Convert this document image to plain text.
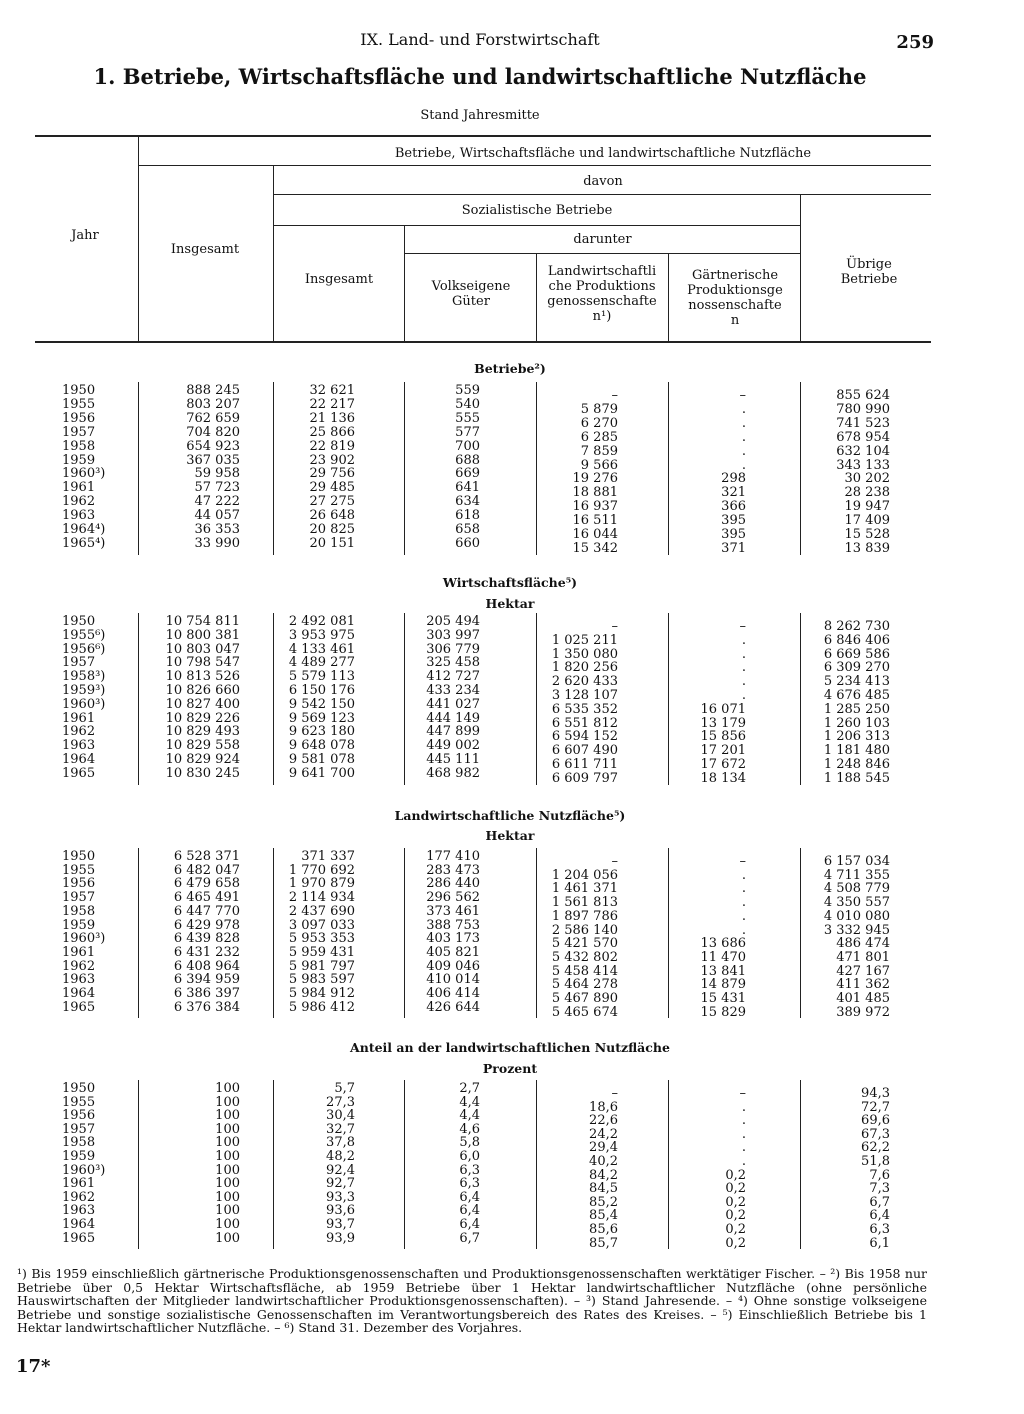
IX. Land- und Forstwirtschaft	259
1. Betriebe, Wirtschaftsfläche und landwirtschaftliche Nutzfläche
Stand Jahresmitte
Jahr
Insgesamt
Betriebe, Wirtschaftsfläche und landwirtschaftliche Nutzfläche
davon
Sozialistische Betriebe
darunter
Insgesamt	Volkseigene Güter
Landwirtschaftliche Produktionsgenossenschaften¹)
Gärtnerische Produktionsgenossenschaften
Übrige Betriebe
Betriebe²)
1950	888 245	32 621	559	–	–	855 624
1955	803 207	22 217	540	5 879	.	780 990
1956	762 659	21 136	555	6 270	.	741 523
1957	704 820	25 866	577	6 285	.	678 954
1958	654 923	22 819	700	7 859	.	632 104
1959	367 035	23 902	688	9 566	.	343 133
1960³)	59 958	29 756	669	19 276	298	30 202
1961	57 723	29 485	641	18 881	321	28 238
1962	47 222	27 275	634	16 937	366	19 947
1963	44 057	26 648	618	16 511	395	17 409
1964⁴)	36 353	20 825	658	16 044	395	15 528
1965⁴)	33 990	20 151	660	15 342	371	13 839
Wirtschaftsfläche⁵)
Hektar
1950	10 754 811	2 492 081	205 494	–	–	8 262 730
1955⁶)	10 800 381	3 953 975	303 997	1 025 211	.	6 846 406
1956⁶)	10 803 047	4 133 461	306 779	1 350 080	.	6 669 586
1957	10 798 547	4 489 277	325 458	1 820 256	.	6 309 270
1958³)	10 813 526	5 579 113	412 727	2 620 433	.	5 234 413
1959³)	10 826 660	6 150 176	433 234	3 128 107	.	4 676 485
1960³)	10 827 400	9 542 150	441 027	6 535 352	16 071	1 285 250
1961	10 829 226	9 569 123	444 149	6 551 812	13 179	1 260 103
1962	10 829 493	9 623 180	447 899	6 594 152	15 856	1 206 313
1963	10 829 558	9 648 078	449 002	6 607 490	17 201	1 181 480
1964	10 829 924	9 581 078	445 111	6 611 711	17 672	1 248 846
1965	10 830 245	9 641 700	468 982	6 609 797	18 134	1 188 545
Landwirtschaftliche Nutzfläche⁵)
Hektar
1950	6 528 371	371 337	177 410	–	–	6 157 034
1955	6 482 047	1 770 692	283 473	1 204 056	.	4 711 355
1956	6 479 658	1 970 879	286 440	1 461 371	.	4 508 779
1957	6 465 491	2 114 934	296 562	1 561 813	.	4 350 557
1958	6 447 770	2 437 690	373 461	1 897 786	.	4 010 080
1959	6 429 978	3 097 033	388 753	2 586 140	.	3 332 945
1960³)	6 439 828	5 953 353	403 173	5 421 570	13 686	486 474
1961	6 431 232	5 959 431	405 821	5 432 802	11 470	471 801
1962	6 408 964	5 981 797	409 046	5 458 414	13 841	427 167
1963	6 394 959	5 983 597	410 014	5 464 278	14 879	411 362
1964	6 386 397	5 984 912	406 414	5 467 890	15 431	401 485
1965	6 376 384	5 986 412	426 644	5 465 674	15 829	389 972
Anteil an der landwirtschaftlichen Nutzfläche
Prozent
1950	100	5,7	2,7	–	–	94,3
1955	100	27,3	4,4	18,6	.	72,7
1956	100	30,4	4,4	22,6	.	69,6
1957	100	32,7	4,6	24,2	.	67,3
1958	100	37,8	5,8	29,4	.	62,2
1959	100	48,2	6,0	40,2	.	51,8
1960³)	100	92,4	6,3	84,2	0,2	7,6
1961	100	92,7	6,3	84,5	0,2	7,3
1962	100	93,3	6,4	85,2	0,2	6,7
1963	100	93,6	6,4	85,4	0,2	6,4
1964	100	93,7	6,4	85,6	0,2	6,3
1965	100	93,9	6,7	85,7	0,2	6,1
¹) Bis 1959 einschließlich gärtnerische Produktionsgenossenschaften und Produktionsgenossenschaften werktätiger Fischer. – ²) Bis 1958 nur Betriebe über 0,5 Hektar Wirtschaftsfläche, ab 1959 Betriebe über 1 Hektar landwirtschaftlicher Nutzfläche (ohne persönliche Hauswirtschaften der Mitglieder landwirtschaftlicher Produktionsgenossenschaften). – ³) Stand Jahresende. – ⁴) Ohne sonstige volkseigene Betriebe und sonstige sozialistische Genossenschaften im Verantwortungsbereich des Rates des Kreises. – ⁵) Einschließlich Betriebe bis 1 Hektar landwirtschaftlicher Nutzfläche. – ⁶) Stand 31. Dezember des Vorjahres.
17*
